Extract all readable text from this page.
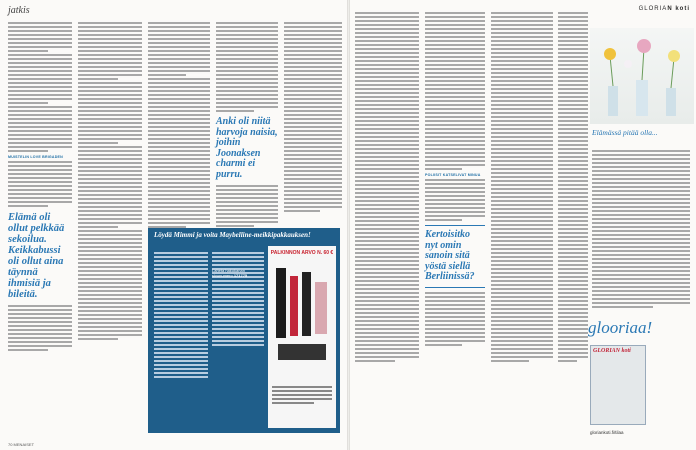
jatkis
MUISTELIN LOVE BRIGADEN
Elämä oli ollut pelkkää sekoilua. Keikkabussi oli ollut aina täynnä ihmisiä ja bileitä.
Anki oli niitä harvoja naisia, joihin Joonaksen charmi ei purru.
Löydä Mimmi ja voita Maybelline-meikkipakkauksen!
Laheta hakukanan sivunumero 171775
PALKINNON ARVO N. 60 €
70 MENAISET
GLORIAN koti
POLIISIT KATSELIVAT MINUA
Kertoisitko nyt omin sanoin sitä yöstä siellä Berliinissä?
Elämässä pitää olla...
glooriaa!
GLORIAN koti
gloriankoti.fi/tilaa
